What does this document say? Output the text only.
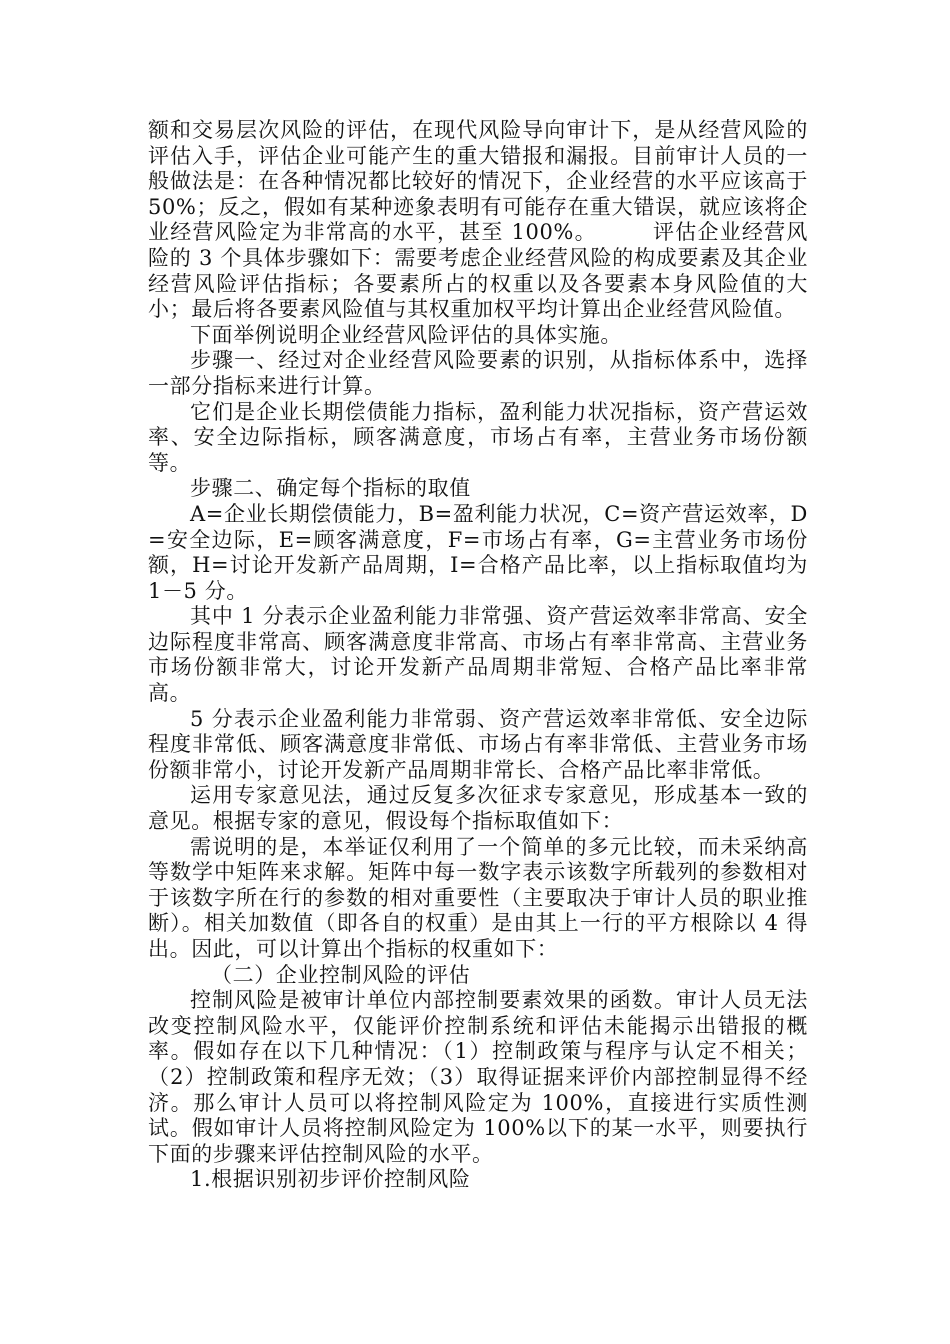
额和交易层次风险的评估，在现代风险导向审计下，是从经营风险的评估入手，评估企业可能产生的重大错报和漏报。目前审计人员的一般做法是：在各种情况都比较好的情况下，企业经营的水平应该高于 50%；反之，假如有某种迹象表明有可能存在重大错误，就应该将企业经营风险定为非常高的水平，甚至 100%。　　　评估企业经营风险的 3 个具体步骤如下：需要考虑企业经营风险的构成要素及其企业经营风险评估指标；各要素所占的权重以及各要素本身风险值的大小；最后将各要素风险值与其权重加权平均计算出企业经营风险值。

下面举例说明企业经营风险评估的具体实施。

步骤一、经过对企业经营风险要素的识别，从指标体系中，选择一部分指标来进行计算。

它们是企业长期偿债能力指标，盈利能力状况指标，资产营运效率、安全边际指标，顾客满意度，市场占有率，主营业务市场份额等。

步骤二、确定每个指标的取值

A=企业长期偿债能力，B=盈利能力状况，C=资产营运效率，D=安全边际，E=顾客满意度，F=市场占有率，G=主营业务市场份额，H=讨论开发新产品周期，I=合格产品比率，以上指标取值均为 1－5 分。

其中 1 分表示企业盈利能力非常强、资产营运效率非常高、安全边际程度非常高、顾客满意度非常高、市场占有率非常高、主营业务市场份额非常大，讨论开发新产品周期非常短、合格产品比率非常高。

5 分表示企业盈利能力非常弱、资产营运效率非常低、安全边际程度非常低、顾客满意度非常低、市场占有率非常低、主营业务市场份额非常小，讨论开发新产品周期非常长、合格产品比率非常低。

运用专家意见法，通过反复多次征求专家意见，形成基本一致的意见。根据专家的意见，假设每个指标取值如下：

需说明的是，本举证仅利用了一个简单的多元比较，而未采纳高等数学中矩阵来求解。矩阵中每一数字表示该数字所载列的参数相对于该数字所在行的参数的相对重要性（主要取决于审计人员的职业推断）。相关加数值（即各自的权重）是由其上一行的平方根除以 4 得出。因此，可以计算出个指标的权重如下：

（二）企业控制风险的评估

控制风险是被审计单位内部控制要素效果的函数。审计人员无法改变控制风险水平，仅能评价控制系统和评估未能揭示出错报的概率。假如存在以下几种情况：（1）控制政策与程序与认定不相关；（2）控制政策和程序无效；（3）取得证据来评价内部控制显得不经济。那么审计人员可以将控制风险定为 100%，直接进行实质性测试。假如审计人员将控制风险定为 100%以下的某一水平，则要执行下面的步骤来评估控制风险的水平。

1.根据识别初步评价控制风险
